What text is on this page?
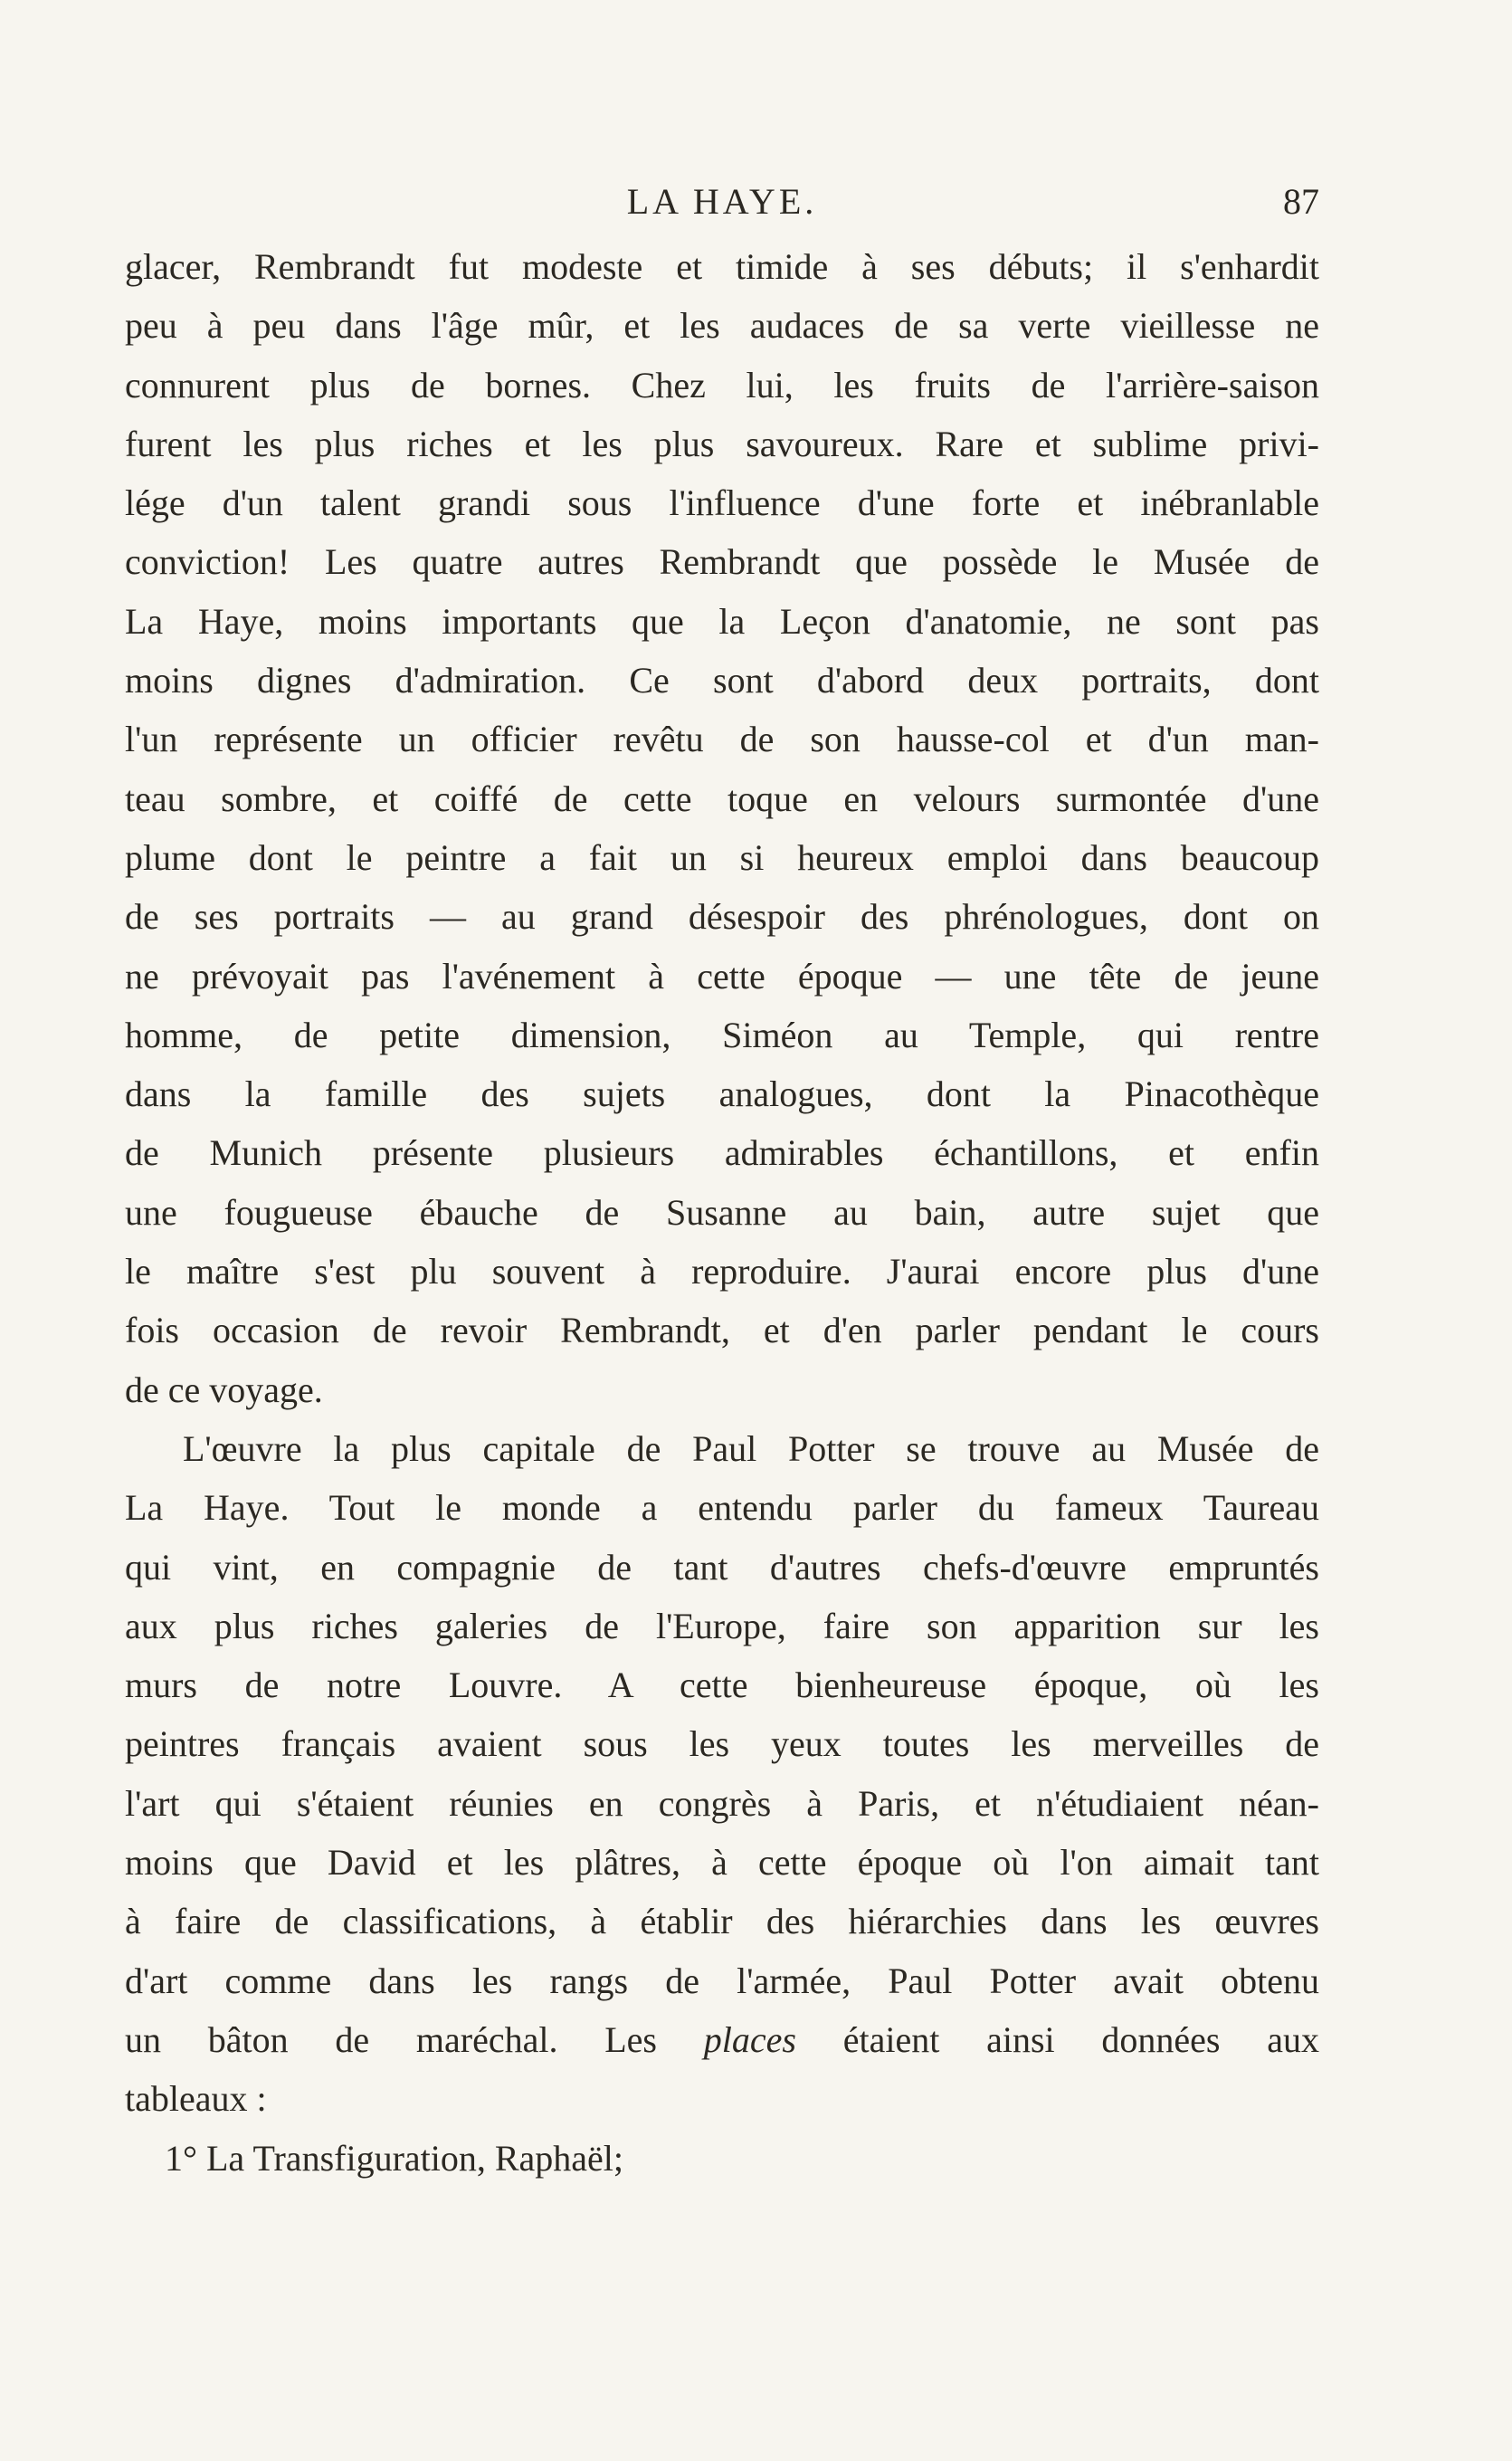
LA HAYE.	87
glacer, Rembrandt fut modeste et timide à ses débuts; il s'enhardit
peu à peu dans l'âge mûr, et les audaces de sa verte vieillesse ne
connurent plus de bornes. Chez lui, les fruits de l'arrière-saison
furent les plus riches et les plus savoureux. Rare et sublime privi-
lége d'un talent grandi sous l'influence d'une forte et inébranlable
conviction! Les quatre autres Rembrandt que possède le Musée de
La Haye, moins importants que la Leçon d'anatomie, ne sont pas
moins dignes d'admiration. Ce sont d'abord deux portraits, dont
l'un représente un officier revêtu de son hausse-col et d'un man-
teau sombre, et coiffé de cette toque en velours surmontée d'une
plume dont le peintre a fait un si heureux emploi dans beaucoup
de ses portraits — au grand désespoir des phrénologues, dont on
ne prévoyait pas l'avénement à cette époque — une tête de jeune
homme, de petite dimension, Siméon au Temple, qui rentre
dans la famille des sujets analogues, dont la Pinacothèque
de Munich présente plusieurs admirables échantillons, et enfin
une fougueuse ébauche de Susanne au bain, autre sujet que
le maître s'est plu souvent à reproduire. J'aurai encore plus d'une
fois occasion de revoir Rembrandt, et d'en parler pendant le cours
de ce voyage.
L'œuvre la plus capitale de Paul Potter se trouve au Musée de
La Haye. Tout le monde a entendu parler du fameux Taureau
qui vint, en compagnie de tant d'autres chefs-d'œuvre empruntés
aux plus riches galeries de l'Europe, faire son apparition sur les
murs de notre Louvre. A cette bienheureuse époque, où les
peintres français avaient sous les yeux toutes les merveilles de
l'art qui s'étaient réunies en congrès à Paris, et n'étudiaient néan-
moins que David et les plâtres, à cette époque où l'on aimait tant
à faire de classifications, à établir des hiérarchies dans les œuvres
d'art comme dans les rangs de l'armée, Paul Potter avait obtenu
un bâton de maréchal. Les places étaient ainsi données aux
tableaux :
1° La Transfiguration, Raphaël;
